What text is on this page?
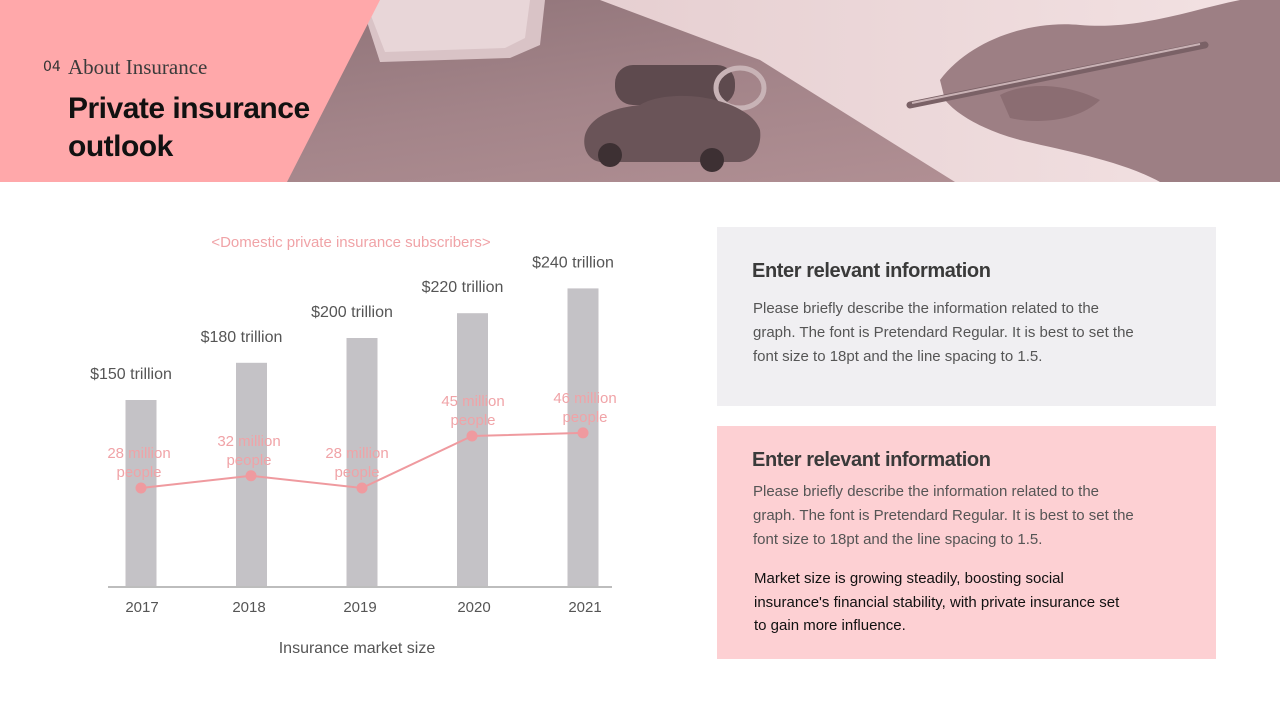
04 About Insurance
Private insurance outlook
<Domestic private insurance subscribers>
$150 trillion
$180 trillion
$200 trillion
$220 trillion
$240 trillion
2017	2018	2019	2020	2021
Insurance market size
28 million
people
32 million
people	28 million
people
45 million
people
46 million
people
Enter relevant information

Please briefly describe the information related to the
graph. The font is Pretendard Regular. It is best to set the
font size to 18pt and the line spacing to 1.5.

Enter relevant information

Please briefly describe the information related to the
graph. The font is Pretendard Regular. It is best to set the
font size to 18pt and the line spacing to 1.5.

Market size is growing steadily, boosting social
insurance's financial stability, with private insurance set
to gain more influence.
